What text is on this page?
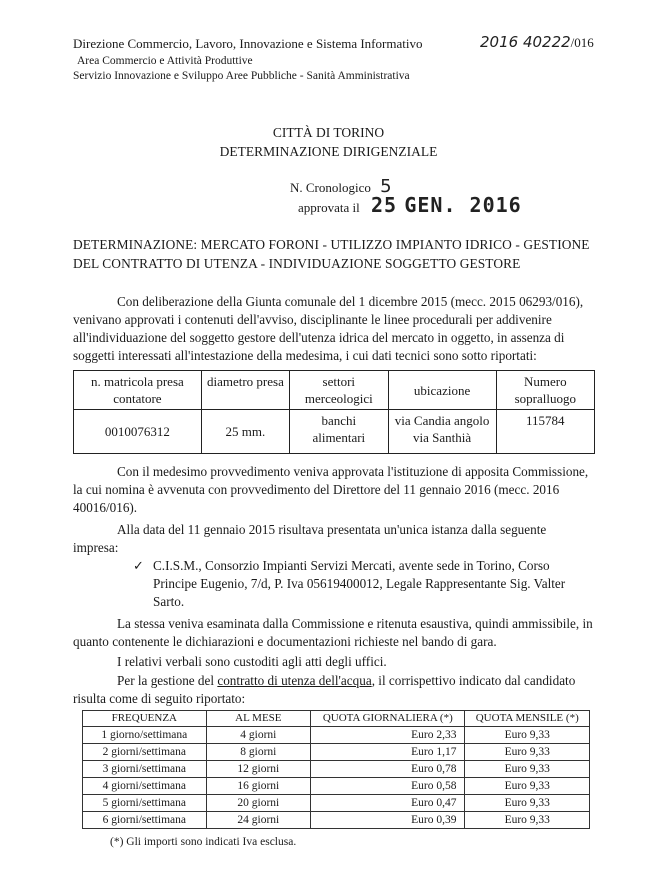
Direzione Commercio, Lavoro, Innovazione e Sistema Informativo
Area Commercio e Attività Produttive
Servizio Innovazione e Sviluppo Aree Pubbliche - Sanità Amministrativa
2016 40222/016
CITTÀ DI TORINO
DETERMINAZIONE DIRIGENZIALE
N. Cronologico 5
approvata il 25 GEN. 2016
DETERMINAZIONE: MERCATO FORONI - UTILIZZO IMPIANTO IDRICO - GESTIONE
DEL CONTRATTO DI UTENZA - INDIVIDUAZIONE SOGGETTO GESTORE
Con deliberazione della Giunta comunale del 1 dicembre 2015 (mecc. 2015 06293/016),
venivano approvati i contenuti dell'avviso, disciplinante le linee procedurali per addivenire
all'individuazione del soggetto gestore dell'utenza idrica del mercato in oggetto, in assenza di
soggetti interessati all'intestazione della medesima, i cui dati tecnici sono sotto riportati:
n. matricola presa contatore	diametro presa	settori merceologici	ubicazione	Numero sopralluogo
0010076312	25 mm.	banchi alimentari	via Candia angolo via Santhià	115784
Con il medesimo provvedimento veniva approvata l'istituzione di apposita Commissione,
la cui nomina è avvenuta con provvedimento del Direttore del 11 gennaio 2016 (mecc. 2016
40016/016).
Alla data del 11 gennaio 2015 risultava presentata un'unica istanza dalla seguente
impresa:
✓ C.I.S.M., Consorzio Impianti Servizi Mercati, avente sede in Torino, Corso
Principe Eugenio, 7/d, P. Iva 05619400012, Legale Rappresentante Sig. Valter
Sarto.
La stessa veniva esaminata dalla Commissione e ritenuta esaustiva, quindi ammissibile, in
quanto contenente le dichiarazioni e documentazioni richieste nel bando di gara.
I relativi verbali sono custoditi agli atti degli uffici.
Per la gestione del contratto di utenza dell'acqua, il corrispettivo indicato dal candidato
risulta come di seguito riportato:
FREQUENZA	AL MESE	QUOTA GIORNALIERA (*)	QUOTA MENSILE (*)
1 giorno/settimana	4 giorni	Euro 2,33	Euro 9,33
2 giorni/settimana	8 giorni	Euro 1,17	Euro 9,33
3 giorni/settimana	12 giorni	Euro 0,78	Euro 9,33
4 giorni/settimana	16 giorni	Euro 0,58	Euro 9,33
5 giorni/settimana	20 giorni	Euro 0,47	Euro 9,33
6 giorni/settimana	24 giorni	Euro 0,39	Euro 9,33
(*) Gli importi sono indicati Iva esclusa.
